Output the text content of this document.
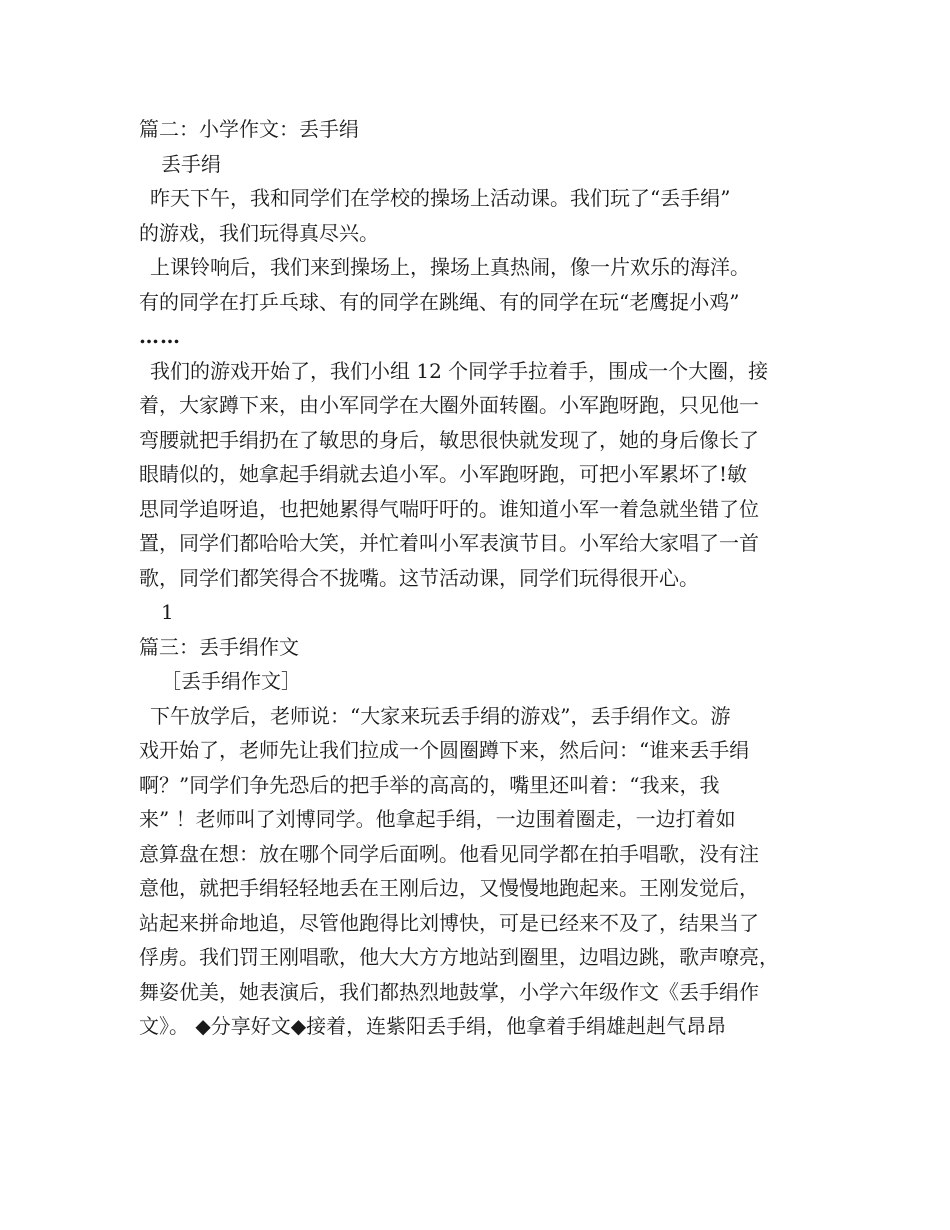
篇二：小学作文：丢手绢
丢手绢
昨天下午，我和同学们在学校的操场上活动课。我们玩了“丢手绢”
的游戏，我们玩得真尽兴。
上课铃响后，我们来到操场上，操场上真热闹，像一片欢乐的海洋。
有的同学在打乒乓球、有的同学在跳绳、有的同学在玩“老鹰捉小鸡”
……
我们的游戏开始了，我们小组 12 个同学手拉着手，围成一个大圈，接
着，大家蹲下来，由小军同学在大圈外面转圈。小军跑呀跑，只见他一
弯腰就把手绢扔在了敏思的身后，敏思很快就发现了，她的身后像长了
眼睛似的，她拿起手绢就去追小军。小军跑呀跑，可把小军累坏了!敏
思同学追呀追，也把她累得气喘吁吁的。谁知道小军一着急就坐错了位
置，同学们都哈哈大笑，并忙着叫小军表演节目。小军给大家唱了一首
歌，同学们都笑得合不拢嘴。这节活动课，同学们玩得很开心。
1
篇三：丢手绢作文
［丢手绢作文］
下午放学后，老师说：“大家来玩丢手绢的游戏”，丢手绢作文。游
戏开始了，老师先让我们拉成一个圆圈蹲下来，然后问：“谁来丢手绢
啊？”同学们争先恐后的把手举的高高的，嘴里还叫着：“我来，我
来” ！老师叫了刘博同学。他拿起手绢，一边围着圈走，一边打着如
意算盘在想：放在哪个同学后面咧。他看见同学都在拍手唱歌，没有注
意他，就把手绢轻轻地丢在王刚后边，又慢慢地跑起来。王刚发觉后，
站起来拼命地追，尽管他跑得比刘博快，可是已经来不及了，结果当了
俘虏。我们罚王刚唱歌，他大大方方地站到圈里，边唱边跳，歌声嘹亮，
舞姿优美，她表演后，我们都热烈地鼓掌，小学六年级作文《丢手绢作
文》。 ◆分享好文◆接着，连紫阳丢手绢，他拿着手绢雄赳赳气昂昂
